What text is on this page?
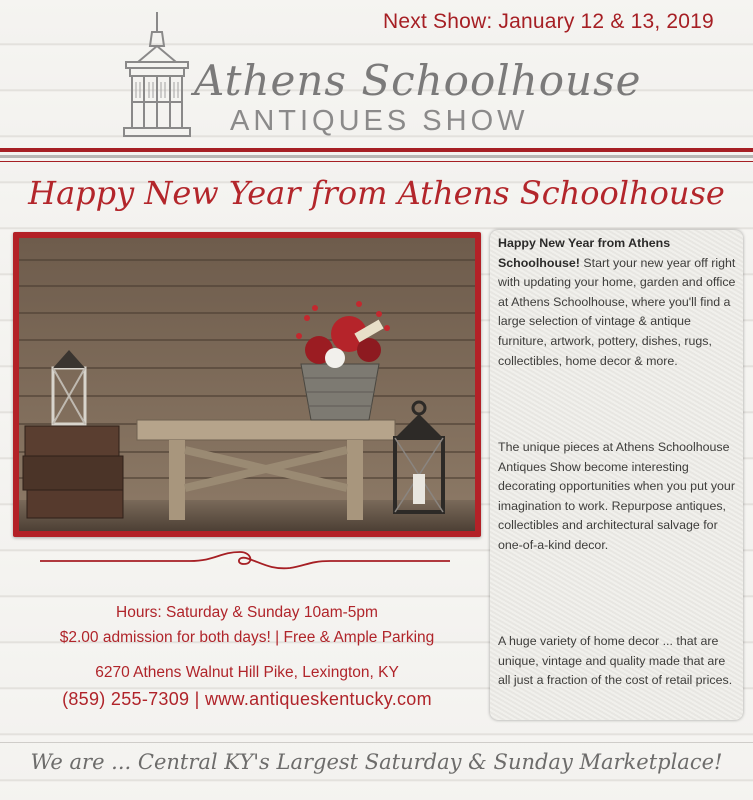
Next Show: January 12 & 13, 2019
Athens Schoolhouse
ANTIQUES SHOW
Happy New Year from Athens Schoolhouse
Hours: Saturday & Sunday 10am-5pm
$2.00 admission for both days! | Free & Ample Parking
6270 Athens Walnut Hill Pike, Lexington, KY
(859) 255-7309 | www.antiqueskentucky.com

Happy New Year from Athens Schoolhouse! Start your new year off right with updating your home, garden and office at Athens Schoolhouse, where you'll find a large selection of vintage & antique furniture, artwork, pottery, dishes, rugs, collectibles, home decor & more.

The unique pieces at Athens Schoolhouse Antiques Show become interesting decorating opportunities when you put your imagination to work. Repurpose antiques, collectibles and architectural salvage for one-of-a-kind decor.

A huge variety of home decor ... that are unique, vintage and quality made that are all just a fraction of the cost of retail prices.

We are ... Central KY's Largest Saturday & Sunday Marketplace!
